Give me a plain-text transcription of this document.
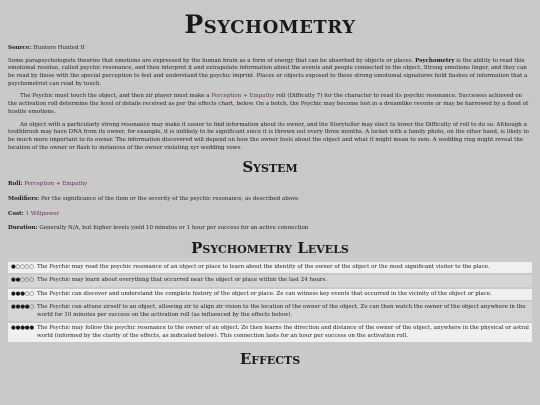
Psychometry

Source: Hunters Hunted II

Some parapsychologists theorize that emotions are expressed by the human brain as a form of energy that can be absorbed by objects or places. Psychometry is the ability to read this emotional residue, called psychic resonance, and then interpret it and extrapolate information about the events and people connected to the object. Strong emotions linger, and they can be read by those with the special perception to feel and understand the psychic imprint. Places or objects exposed to these strong emotional signatures hold flashes of information that a psychometrist can read by touch.

The Psychic must touch the object, and then zir player must make a Perception + Empathy roll (Difficulty 7) for the character to read its psychic resonance. Successes achieved on the activation roll determine the level of details received as per the effects chart, below. On a botch, the Psychic may become lost in a dreamlike reverie or may be harrowed by a flood of hostile emotions.

An object with a particularly strong resonance may make it easier to find information about its owner, and the Storyteller may elect to lower the Difficulty of roll to do so. Although a toothbrush may have DNA from its owner, for example, it is unlikely to be significant since it is thrown out every three months. A locket with a family photo, on the other hand, is likely to be much more important to its owner. The information discovered will depend on how the owner feels about the object and what it might mean to xem. A wedding ring might reveal the location of the owner or flash to instances of the owner violating xyr wedding vows.

System

Roll: Perception + Empathy

Modifiers: Per the significance of the item or the severity of the psychic resonance, as described above

Cost: 1 Willpower

Duration: Generally N/A, but higher levels yield 10 minutes or 1 hour per success for an active connection

Psychometry Levels
●○○○○ The Psychic may read the psychic resonance of an object or place to learn about the identity of the owner of the object or the most significant visitor to the place.
●●○○○ The Psychic may learn about everything that occurred near the object or place within the last 24 hours.
●●●○○ The Psychic can discover and understand the complete history of the object or place. Ze can witness key events that occurred in the vicinity of the object or place.
●●●●○ The Psychic can attune zirself to an object, allowing zir to align zir vision to the location of the owner of the object. Ze can then watch the owner of the object anywhere in the world for 10 minutes per success on the activation roll (as influenced by the effects below).
●●●●● The Psychic may follow the psychic resonance to the owner of an object. Ze then learns the direction and distance of the owner of the object, anywhere in the physical or astral world (informed by the clarity of the effects, as indicated below). This connection lasts for an hour per success on the activation roll.
Effects
